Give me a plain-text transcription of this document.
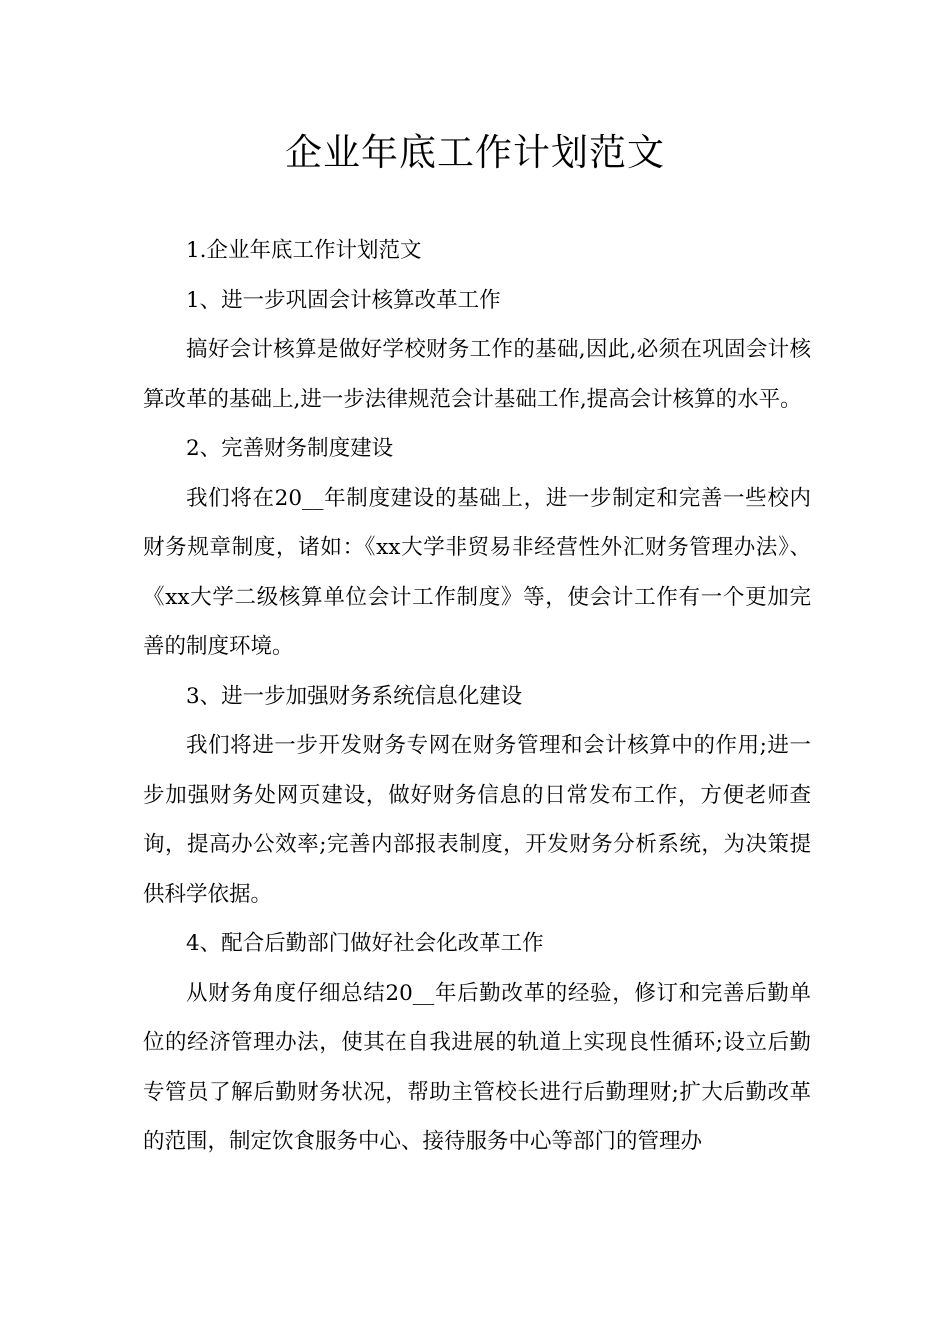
企业年底工作计划范文

1.企业年底工作计划范文

1、进一步巩固会计核算改革工作

搞好会计核算是做好学校财务工作的基础,因此,必须在巩固会计核算改革的基础上,进一步法律规范会计基础工作,提高会计核算的水平。

2、完善财务制度建设

我们将在20__年制度建设的基础上，进一步制定和完善一些校内财务规章制度，诸如：《xx大学非贸易非经营性外汇财务管理办法》、《xx大学二级核算单位会计工作制度》等，使会计工作有一个更加完善的制度环境。

3、进一步加强财务系统信息化建设

我们将进一步开发财务专网在财务管理和会计核算中的作用;进一步加强财务处网页建设，做好财务信息的日常发布工作，方便老师查询，提高办公效率;完善内部报表制度，开发财务分析系统，为决策提供科学依据。

4、配合后勤部门做好社会化改革工作

从财务角度仔细总结20__年后勤改革的经验，修订和完善后勤单位的经济管理办法，使其在自我进展的轨道上实现良性循环;设立后勤专管员了解后勤财务状况，帮助主管校长进行后勤理财;扩大后勤改革的范围，制定饮食服务中心、接待服务中心等部门的管理办
